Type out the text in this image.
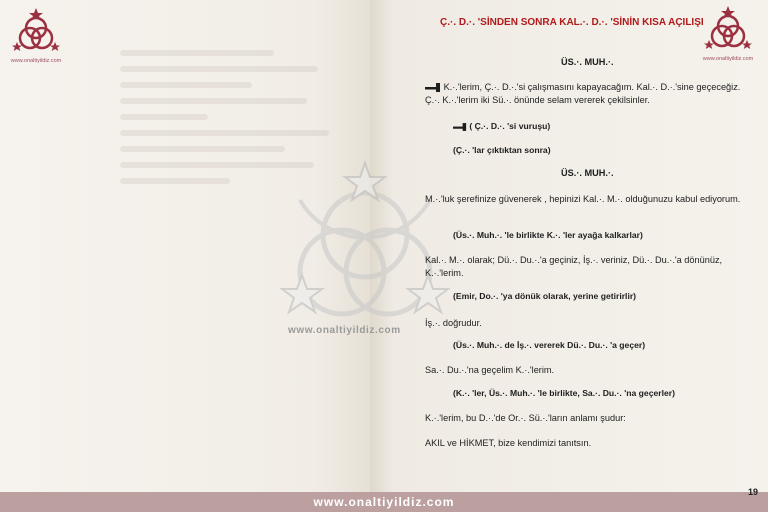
www.onaltiyildiz.com	www.onaltiyildiz.com
www.onaltiyildiz.com
Ç.·. D.·. 'SİNDEN SONRA KAL.·. D.·. 'SİNİN KISA AÇILIŞI
ÜS.·. MUH.·.
K.·.'lerim, Ç.·. D.·.'si çalışmasını kapayacağım. Kal.·. D.·.'sine geçeceğiz. Ç.·. K.·.'lerim iki Sü.·. önünde selam vererek çekilsinler.
( Ç.·. D.·. 'si vuruşu)
(Ç.·. 'lar çıktıktan sonra)
ÜS.·. MUH.·.
M.·.'luk şerefinize güvenerek , hepinizi Kal.·. M.·. olduğunuzu kabul ediyorum.
(Üs.·. Muh.·. 'le birlikte K.·. 'ler ayağa kalkarlar)
Kal.·. M.·. olarak; Dü.·. Du.·.'a geçiniz, İş.·. veriniz, Dü.·. Du.·.'a dönünüz, K.·.'lerim.
(Emir, Do.·. 'ya dönük olarak, yerine getirirlir)
İş.·. doğrudur.
(Üs.·. Muh.·. de İş.·. vererek Dü.·. Du.·. 'a geçer)
Sa.·. Du.·.'na geçelim K.·.'lerim.
(K.·. 'ler, Üs.·. Muh.·. 'le birlikte, Sa.·. Du.·. 'na geçerler)
K.·.'lerim, bu D.·.'de Or.·. Sü.·.'ların anlamı şudur:
AKIL ve HİKMET, bize kendimizi tanıtsın.
www.onaltiyildiz.com
19
